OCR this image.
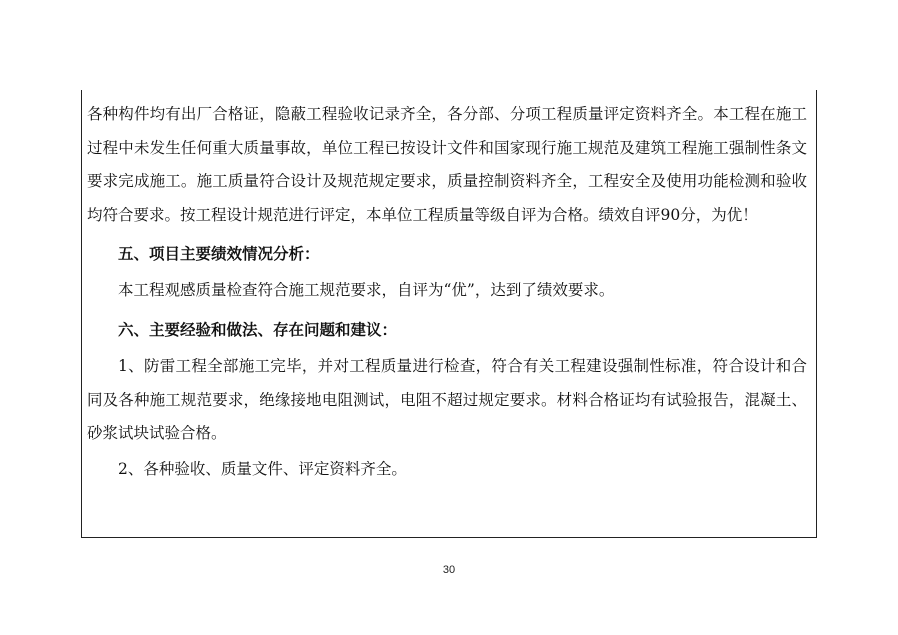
各种构件均有出厂合格证，隐蔽工程验收记录齐全，各分部、分项工程质量评定资料齐全。本工程在施工过程中未发生任何重大质量事故，单位工程已按设计文件和国家现行施工规范及建筑工程施工强制性条文要求完成施工。施工质量符合设计及规范规定要求，质量控制资料齐全，工程安全及使用功能检测和验收均符合要求。按工程设计规范进行评定，本单位工程质量等级自评为合格。绩效自评90分，为优！

五、项目主要绩效情况分析：

本工程观感质量检查符合施工规范要求，自评为“优”，达到了绩效要求。

六、主要经验和做法、存在问题和建议：

1、防雷工程全部施工完毕，并对工程质量进行检查，符合有关工程建设强制性标准，符合设计和合同及各种施工规范要求，绝缘接地电阻测试，电阻不超过规定要求。材料合格证均有试验报告，混凝土、砂浆试块试验合格。

2、各种验收、质量文件、评定资料齐全。

30
